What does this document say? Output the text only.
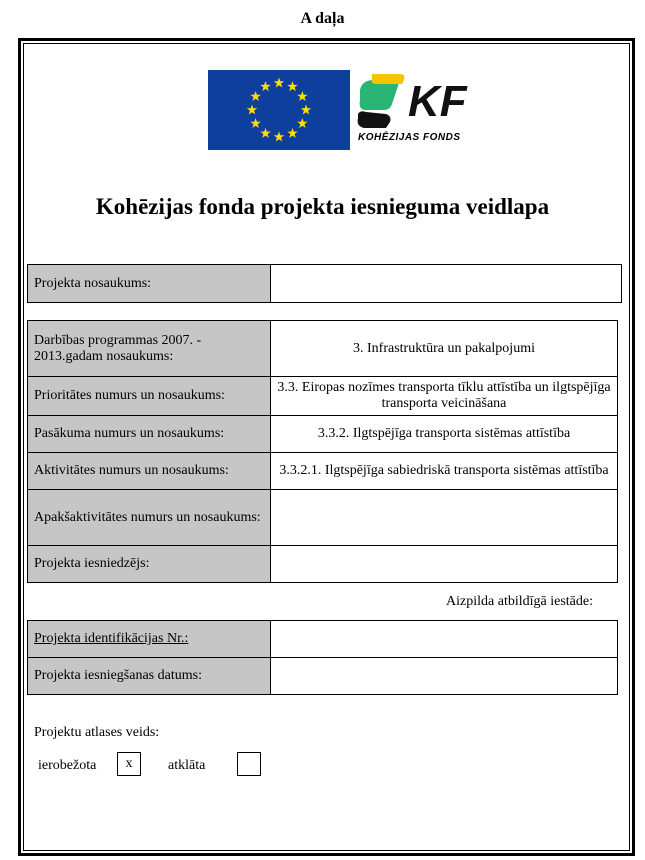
A daļa
KF
KOHĒZIJAS FONDS
Kohēzijas fonda projekta iesnieguma veidlapa
Projekta nosaukums:	
Darbības programmas 2007. - 2013.gadam nosaukums:	3. Infrastruktūra un pakalpojumi
Prioritātes numurs un nosaukums:	3.3. Eiropas nozīmes transporta tīklu attīstība un ilgtspējīga transporta veicināšana
Pasākuma numurs un nosaukums:	3.3.2. Ilgtspējīga transporta sistēmas attīstība
Aktivitātes numurs un nosaukums:	3.3.2.1. Ilgtspējīga sabiedriskā transporta sistēmas attīstība
Apakšaktivitātes numurs un nosaukums:	
Projekta iesniedzējs:	
Aizpilda atbildīgā iestāde:
Projekta identifikācijas Nr.:	
Projekta iesniegšanas datums:	
Projektu atlases veids:
ierobežota	x	atklāta
